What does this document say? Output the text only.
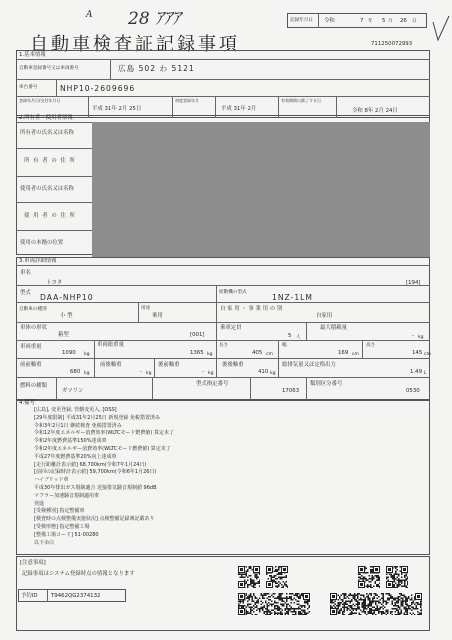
A 28 ｱｱｱ	記録年月日 令和	7 年 5 月 26 日
自動車検査証記録事項	711250072993
1.基本情報
自動車登録番号又は車両番号	広島 502 わ 5121
車台番号	NHP10-2609696
登録年月日/交付年月日
平成 31年 2月 25日
初度登録年月
平成 31年 2月
有効期間の満了する日
令和 8年 2月 24日
2.所有者・使用者情報
所有者の氏名又は名称
所 有 者 の 住 所
使用者の氏名又は名称
使 用 者 の 住 所
使用の本拠の位置
3.車両詳細情報
車名
トヨタ	[194]
型式 DAA-NHP10
原動機の型式
1NZ-1LM
自動車の種別
小 型
用途
乗用
自 家 用 ・ 事 業 用 の 別
自家用
車体の形状
箱型	[001]
乗車定員
5 人
最大積載量
- kg
車両重量
1090 kg
車両総重量
1365 kg
長さ
405 cm
幅
169 cm
高さ
145 cm
前前軸重
680 kg
前後軸重
- kg
後前軸重
- kg
後後軸重
410 kg
総排気量又は定格出力
1.49 L
燃料の種類
ガソリン
型式指定番号
17063
類別区分番号
0530
4.備考
[広島], 変更登録, 管轄変更入, [OSS]
[29年度限制] 平成31年2月25日 新規登録 免税措置済み
令和3年2月1日 継続検査 免税措置済み
令和12年度エネルギー消費効率(WLTCモード燃費値) 算定未了
令和2年度燃費基準150%達成車
令和2年度エネルギー消費効率(WLTCモード燃費値) 算定未了
平成27年度燃費基準20%向上達成車
[走行距離計表示値] 68,700km(令和7年1月24日)
[前回の記録時計表示値] 59,700km(令和6年1月26日)
ハイブリッド車
平成30年排出ガス規制適合 近接排気騒音規制値 96dB
マフラー加速騒音規制適用車
発進
[受検種別] 指定整備車
[検査時の点検整備実施状況] 点検整備記録簿記載あり
[受検形態] 指定整備工場
[整備工場コード] 51-00280
以下余白
[注意事項]
記録事項はシステム登録時点の情報となります
予約ID T9462QG2374132
